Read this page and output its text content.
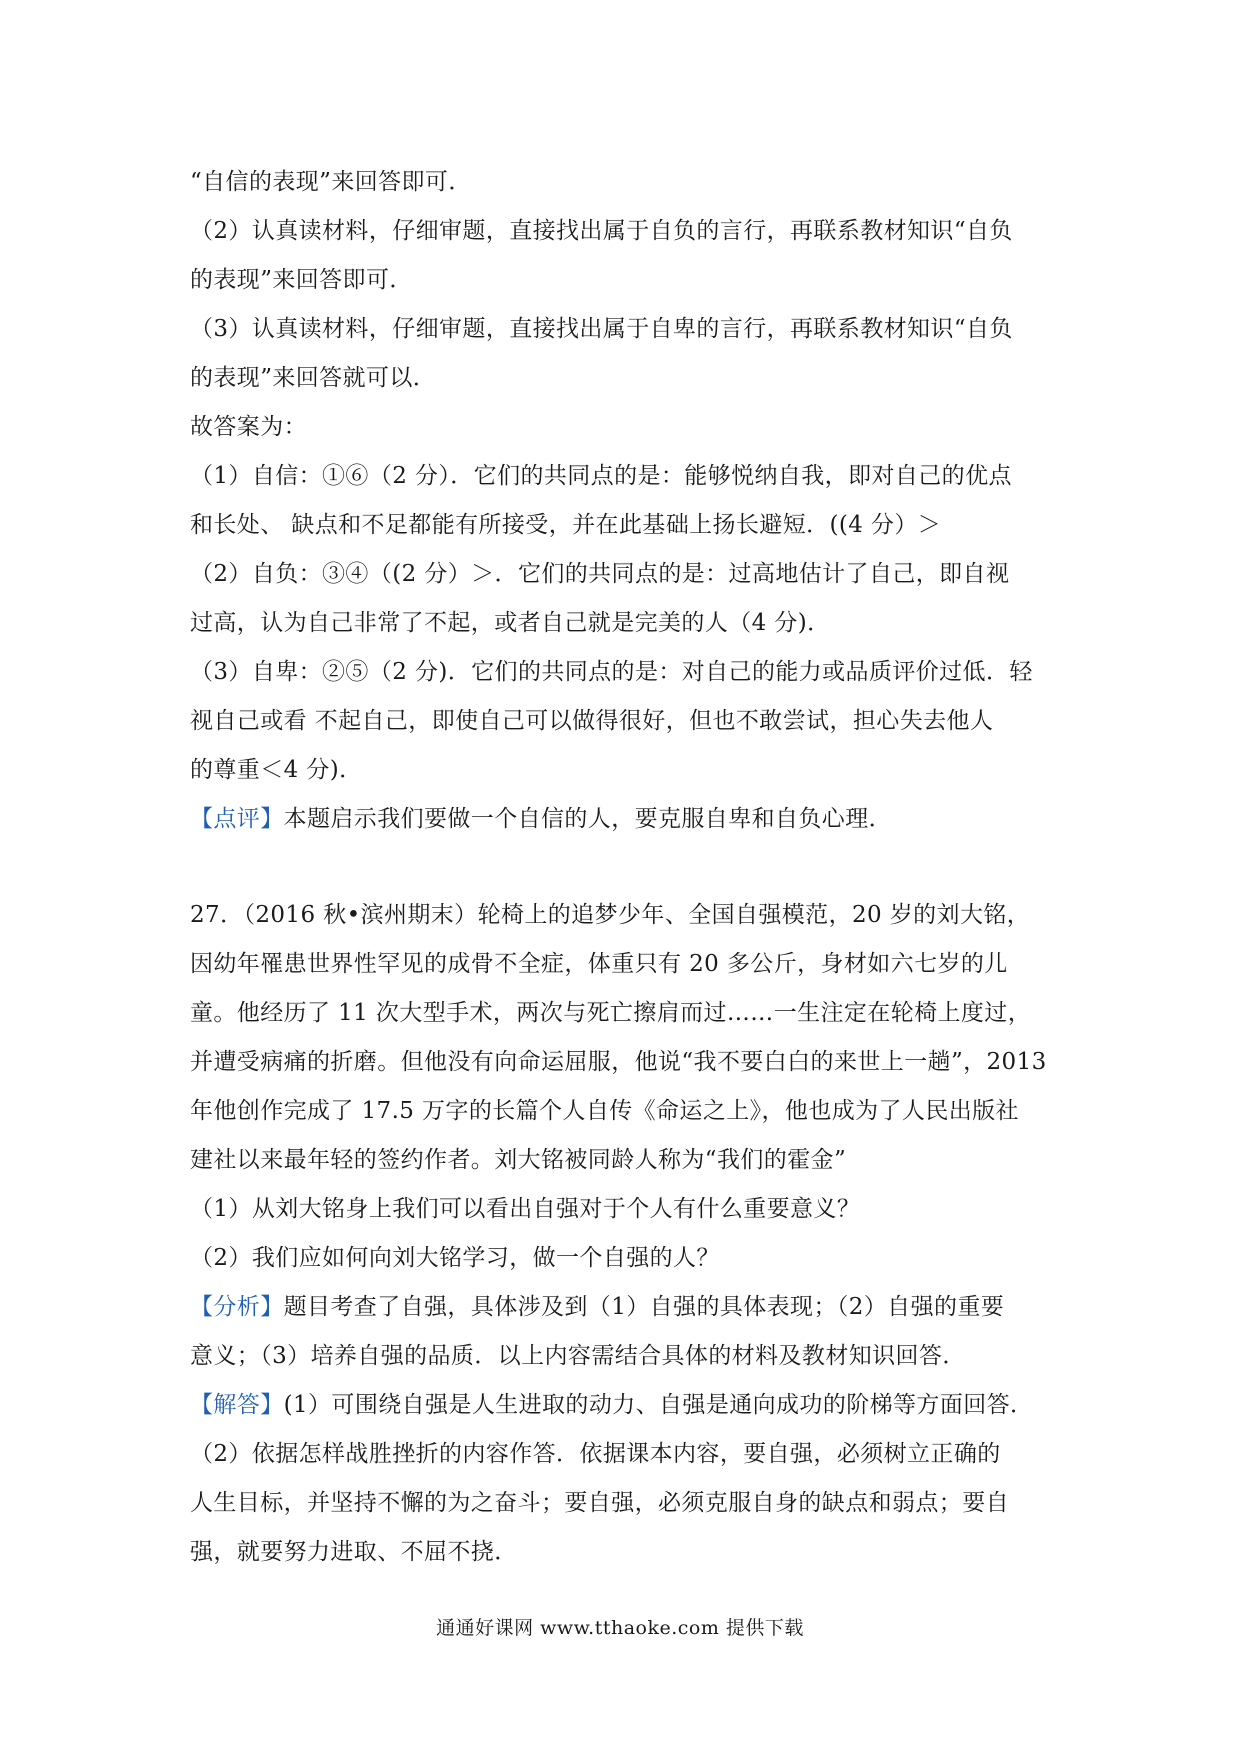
“自信的表现”来回答即可．
（2）认真读材料，仔细审题，直接找出属于自负的言行，再联系教材知识“自负
的表现”来回答即可．
（3）认真读材料，仔细审题，直接找出属于自卑的言行，再联系教材知识“自负
的表现”来回答就可以．
故答案为：
（1）自信：①⑥（2 分）．它们的共同点的是：能够悦纳自我，即对自己的优点
和长处、 缺点和不足都能有所接受，并在此基础上扬长避短．((4 分）＞
（2）自负：③④（(2 分）＞．它们的共同点的是：过高地估计了自己，即自视
过高，认为自己非常了不起，或者自己就是完美的人（4 分)．
（3）自卑：②⑤（2 分)．它们的共同点的是：对自己的能力或品质评价过低．轻
视自己或看 不起自己，即使自己可以做得很好，但也不敢尝试，担心失去他人
的尊重＜4 分)．
【点评】本题启示我们要做一个自信的人，要克服自卑和自负心理．
27．（2016 秋•滨州期末）轮椅上的追梦少年、全国自强模范，20 岁的刘大铭，
因幼年罹患世界性罕见的成骨不全症，体重只有 20 多公斤，身材如六七岁的儿
童。他经历了 11 次大型手术，两次与死亡擦肩而过……一生注定在轮椅上度过，
并遭受病痛的折磨。但他没有向命运屈服，他说“我不要白白的来世上一趟”，2013
年他创作完成了 17.5 万字的长篇个人自传《命运之上》，他也成为了人民出版社
建社以来最年轻的签约作者。刘大铭被同龄人称为“我们的霍金”
（1）从刘大铭身上我们可以看出自强对于个人有什么重要意义？
（2）我们应如何向刘大铭学习，做一个自强的人？
【分析】题目考查了自强，具体涉及到（1）自强的具体表现；（2）自强的重要
意义；（3）培养自强的品质．以上内容需结合具体的材料及教材知识回答．
【解答】(1）可围绕自强是人生进取的动力、自强是通向成功的阶梯等方面回答．
（2）依据怎样战胜挫折的内容作答．依据课本内容，要自强，必须树立正确的
人生目标，并坚持不懈的为之奋斗；要自强，必须克服自身的缺点和弱点；要自
强，就要努力进取、不屈不挠．
通通好课网 www.tthaoke.com 提供下载
